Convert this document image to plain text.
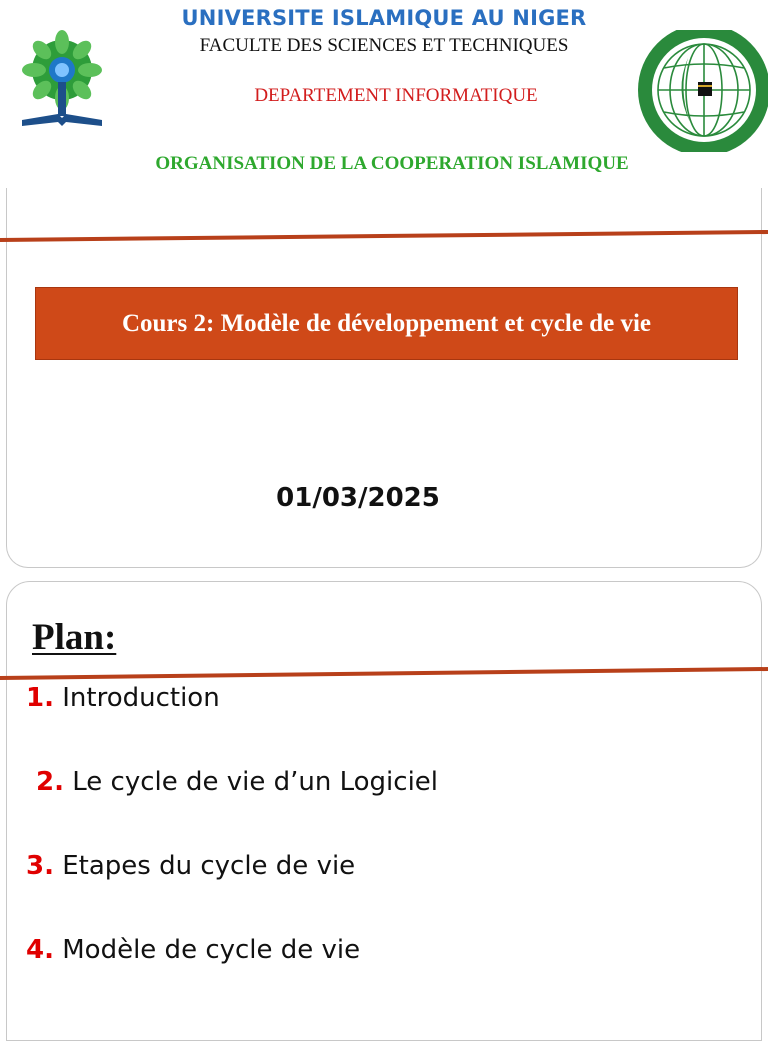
UNIVERSITE ISLAMIQUE AU NIGER
FACULTE DES SCIENCES ET TECHNIQUES
DEPARTEMENT INFORMATIQUE
ORGANISATION DE LA COOPERATION ISLAMIQUE
Cours 2: Modèle de développement et cycle de vie
01/03/2025
Plan:
1. Introduction
2. Le cycle de vie d’un Logiciel
3. Etapes du cycle de vie
4. Modèle de cycle de vie
